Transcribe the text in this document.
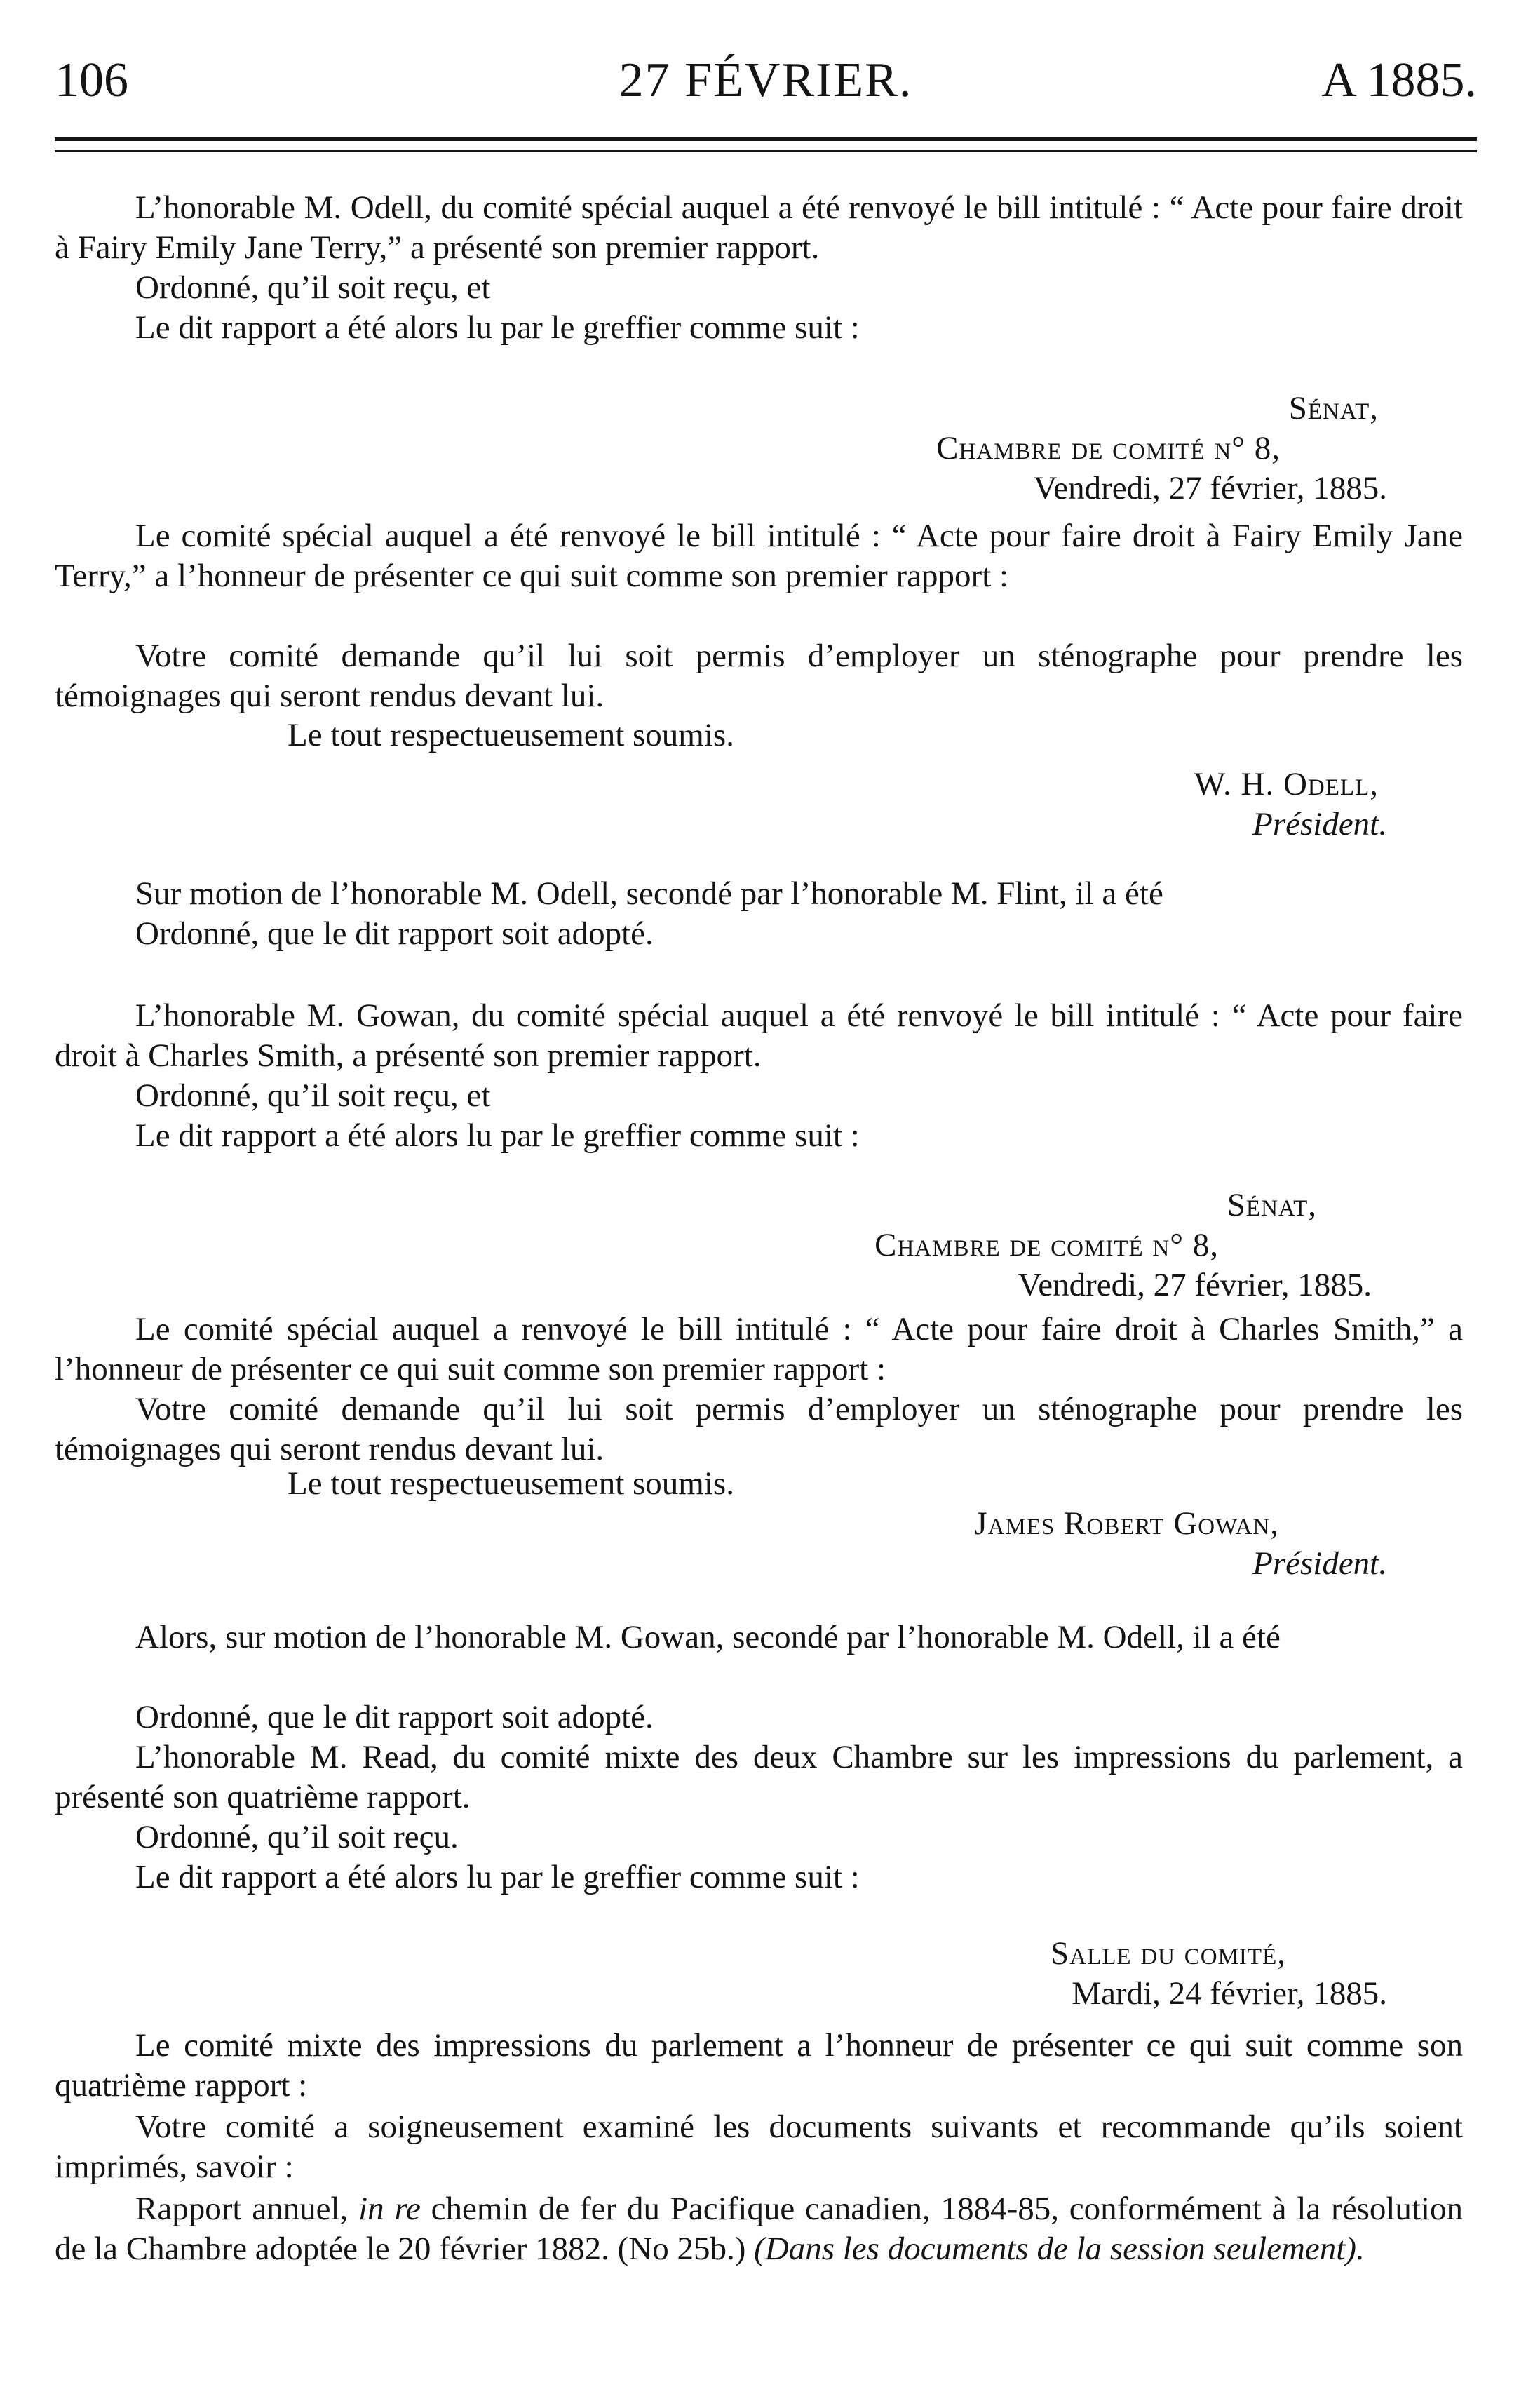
106	27 FÉVRIER.	A 1885.
L’honorable M. Odell, du comité spécial auquel a été renvoyé le bill intitulé : “ Acte pour faire droit à Fairy Emily Jane Terry,” a présenté son premier rapport.
Ordonné, qu’il soit reçu, et
Le dit rapport a été alors lu par le greffier comme suit :
Sénat,
Chambre de comité n° 8,
Vendredi, 27 février, 1885.
Le comité spécial auquel a été renvoyé le bill intitulé : “ Acte pour faire droit à Fairy Emily Jane Terry,” a l’honneur de présenter ce qui suit comme son premier rapport :
Votre comité demande qu’il lui soit permis d’employer un sténographe pour prendre les témoignages qui seront rendus devant lui.
Le tout respectueusement soumis.
W. H. Odell,
Président.
Sur motion de l’honorable M. Odell, secondé par l’honorable M. Flint, il a été
Ordonné, que le dit rapport soit adopté.
L’honorable M. Gowan, du comité spécial auquel a été renvoyé le bill intitulé : “ Acte pour faire droit à Charles Smith, a présenté son premier rapport.
Ordonné, qu’il soit reçu, et
Le dit rapport a été alors lu par le greffier comme suit :
Sénat,
Chambre de comité n° 8,
Vendredi, 27 février, 1885.
Le comité spécial auquel a renvoyé le bill intitulé : “ Acte pour faire droit à Charles Smith,” a l’honneur de présenter ce qui suit comme son premier rapport :
Votre comité demande qu’il lui soit permis d’employer un sténographe pour prendre les témoignages qui seront rendus devant lui.
Le tout respectueusement soumis.
James Robert Gowan,
Président.
Alors, sur motion de l’honorable M. Gowan, secondé par l’honorable M. Odell, il a été
Ordonné, que le dit rapport soit adopté.
L’honorable M. Read, du comité mixte des deux Chambre sur les impressions du parlement, a présenté son quatrième rapport.
Ordonné, qu’il soit reçu.
Le dit rapport a été alors lu par le greffier comme suit :
Salle du comité,
Mardi, 24 février, 1885.
Le comité mixte des impressions du parlement a l’honneur de présenter ce qui suit comme son quatrième rapport :
Votre comité a soigneusement examiné les documents suivants et recommande qu’ils soient imprimés, savoir :
Rapport annuel, in re chemin de fer du Pacifique canadien, 1884-85, conformément à la résolution de la Chambre adoptée le 20 février 1882. (No 25b.) (Dans les documents de la session seulement).
